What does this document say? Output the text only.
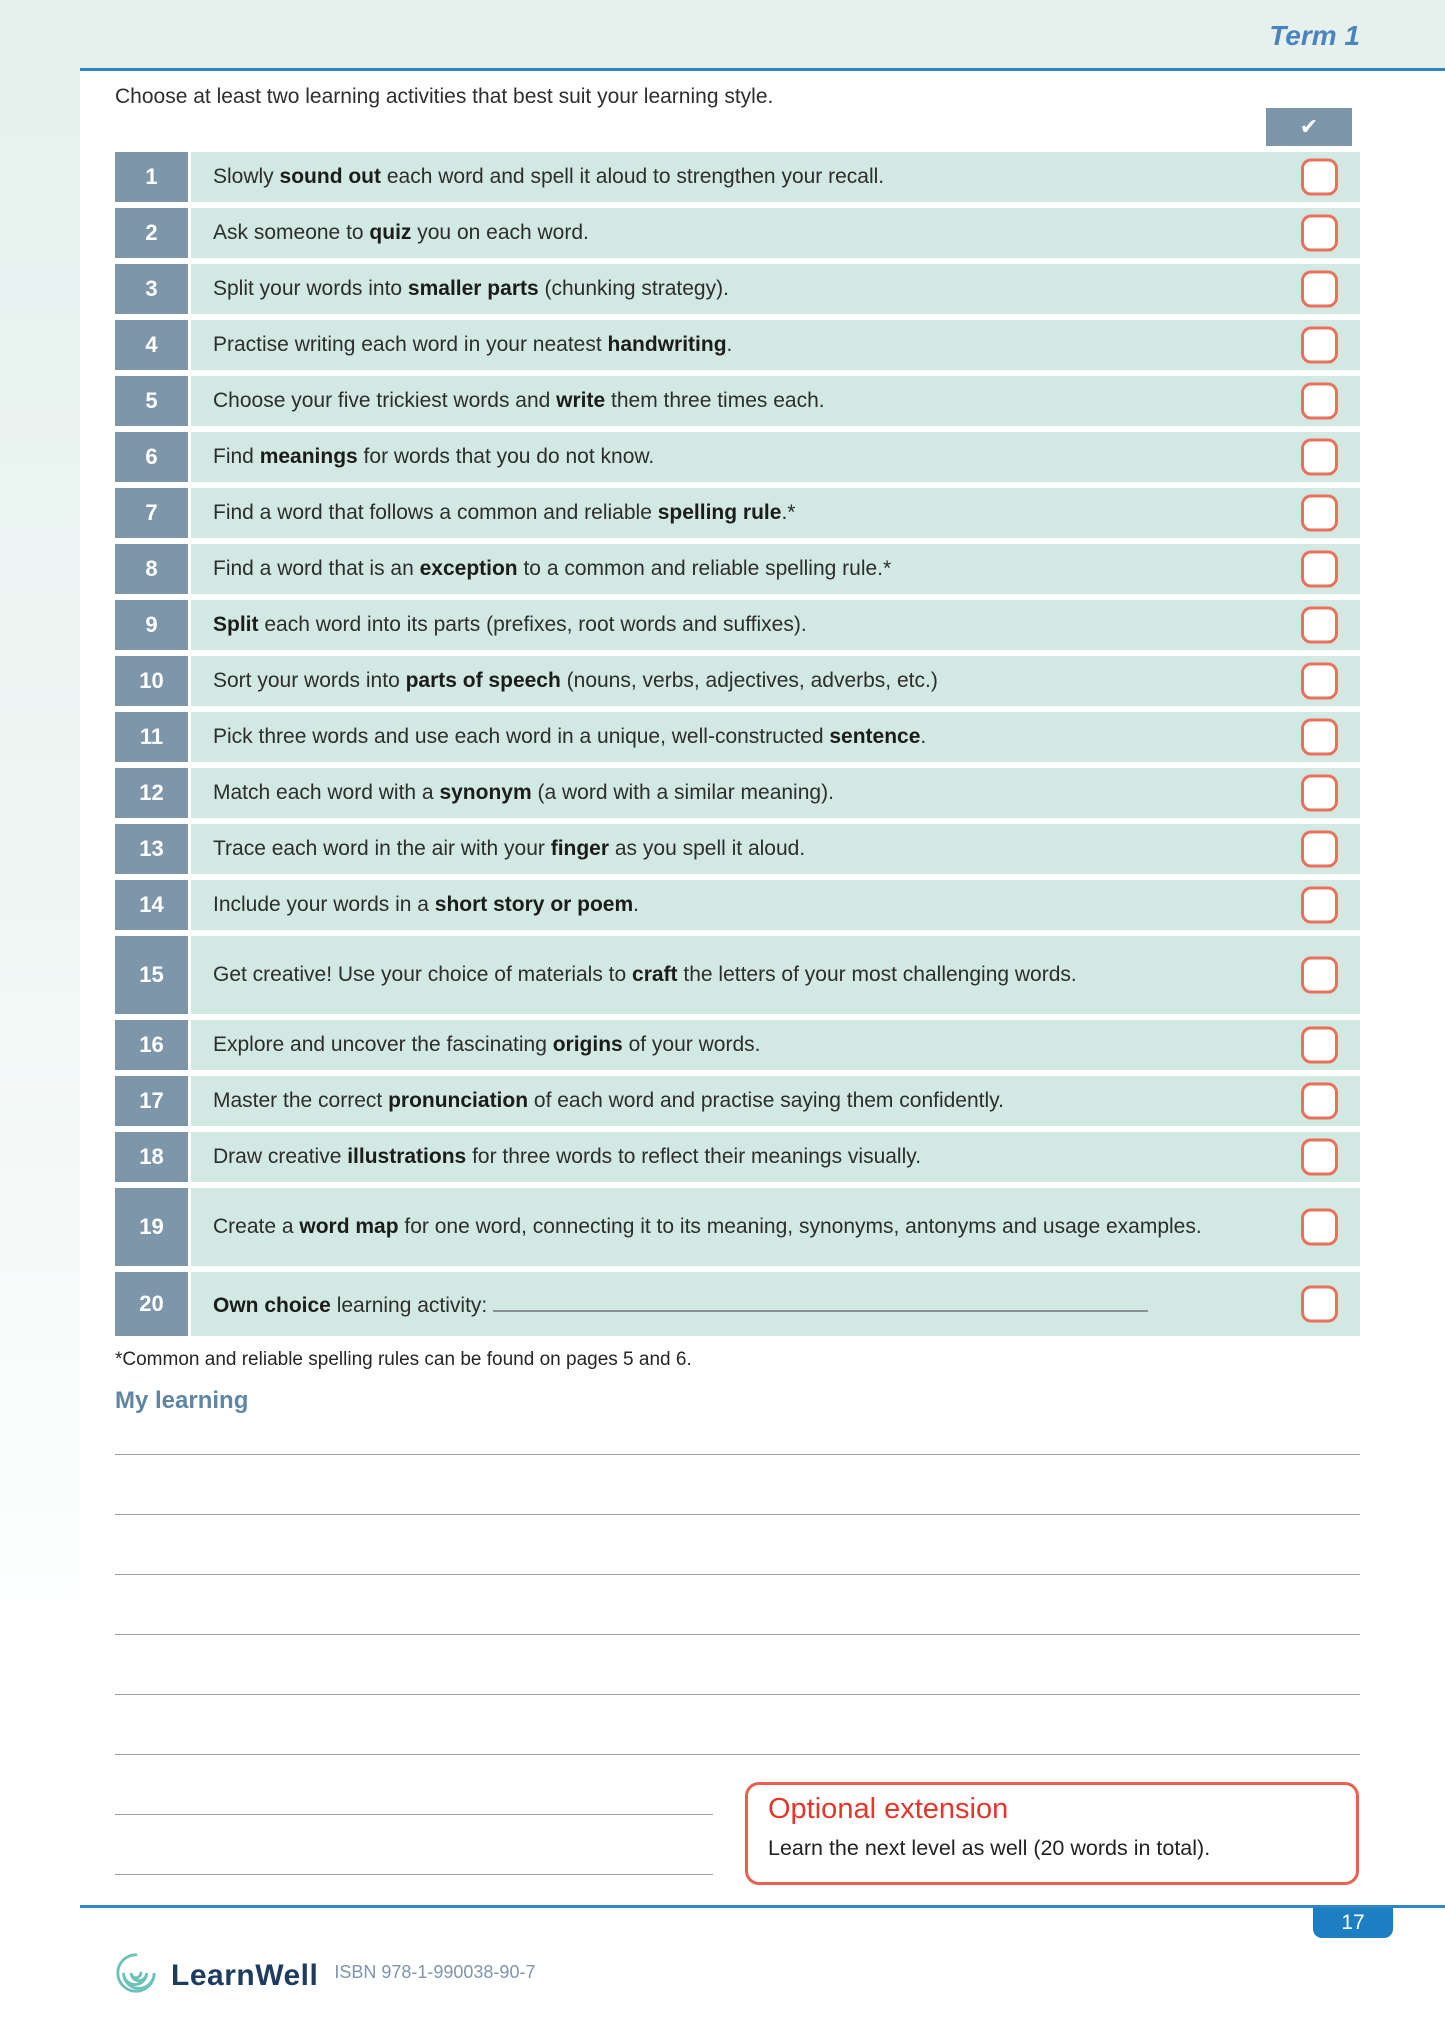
Term 1
Choose at least two learning activities that best suit your learning style.
✔
1	Slowly sound out each word and spell it aloud to strengthen your recall.
2	Ask someone to quiz you on each word.
3	Split your words into smaller parts (chunking strategy).
4	Practise writing each word in your neatest handwriting.
5	Choose your five trickiest words and write them three times each.
6	Find meanings for words that you do not know.
7	Find a word that follows a common and reliable spelling rule.*
8	Find a word that is an exception to a common and reliable spelling rule.*
9	Split each word into its parts (prefixes, root words and suffixes).
10	Sort your words into parts of speech (nouns, verbs, adjectives, adverbs, etc.)
11	Pick three words and use each word in a unique, well-constructed sentence.
12	Match each word with a synonym (a word with a similar meaning).
13	Trace each word in the air with your finger as you spell it aloud.
14	Include your words in a short story or poem.
15	Get creative! Use your choice of materials to craft the letters of your most challenging words.
16	Explore and uncover the fascinating origins of your words.
17	Master the correct pronunciation of each word and practise saying them confidently.
18	Draw creative illustrations for three words to reflect their meanings visually.
19	Create a word map for one word, connecting it to its meaning, synonyms, antonyms and usage examples.
20	Own choice learning activity:
*Common and reliable spelling rules can be found on pages 5 and 6.
My learning
Optional extension
Learn the next level as well (20 words in total).
17
LearnWell ISBN 978-1-990038-90-7
